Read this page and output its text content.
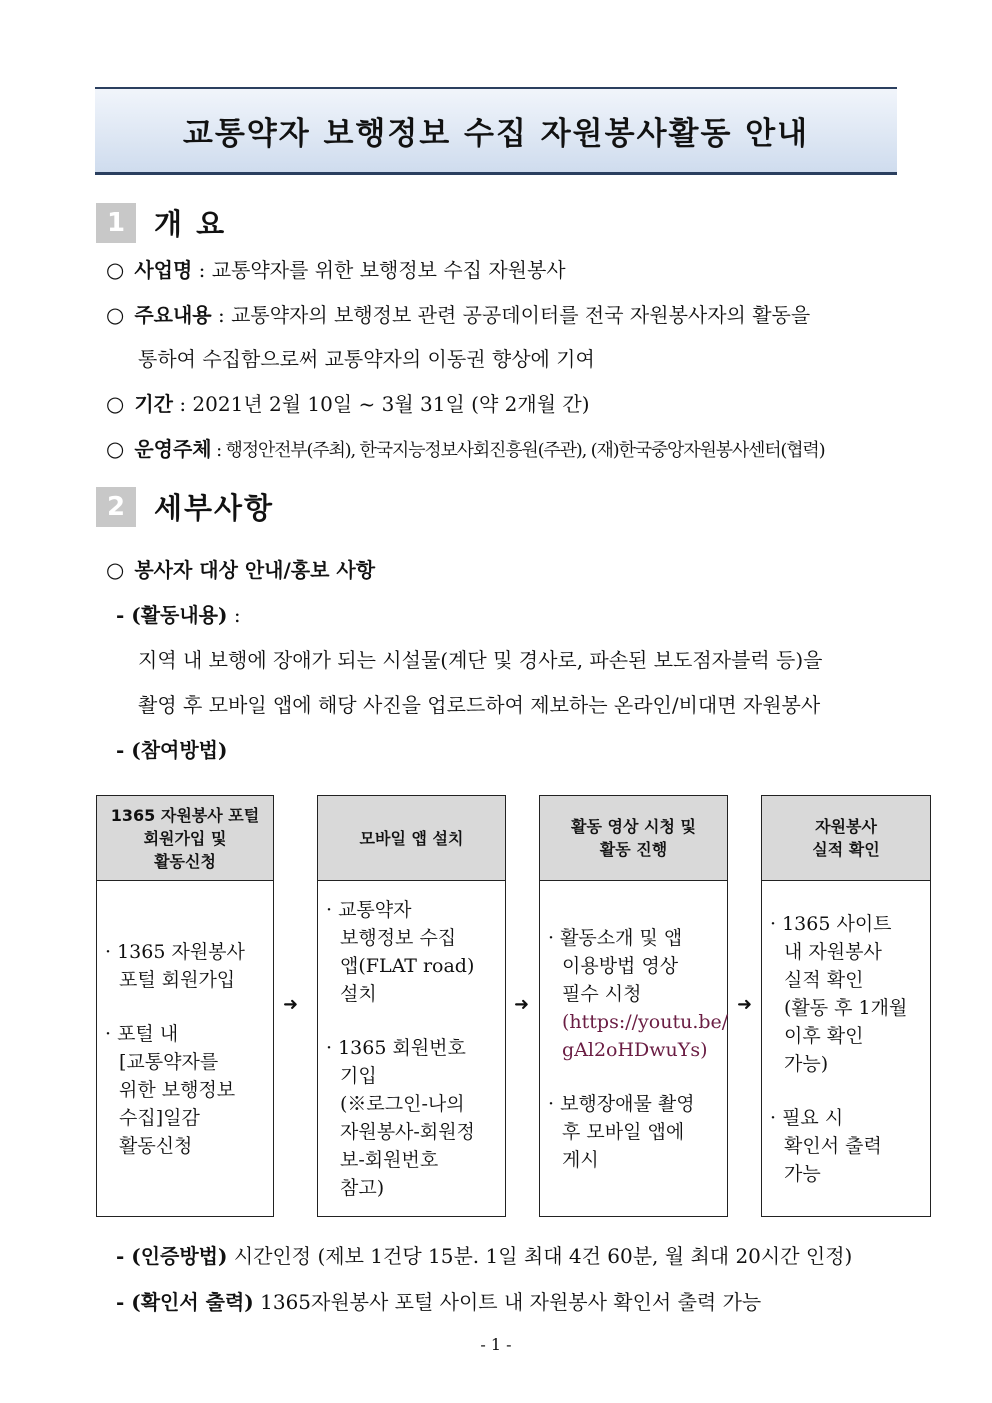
교통약자 보행정보 수집 자원봉사활동 안내
1 개 요
○ 사업명 : 교통약자를 위한 보행정보 수집 자원봉사
○ 주요내용 : 교통약자의 보행정보 관련 공공데이터를 전국 자원봉사자의 활동을
통하여 수집함으로써 교통약자의 이동권 향상에 기여
○ 기간 : 2021년 2월 10일 ~ 3월 31일 (약 2개월 간)
○ 운영주체 : 행정안전부(주최), 한국지능정보사회진흥원(주관), (재)한국중앙자원봉사센터(협력)
2 세부사항
○ 봉사자 대상 안내/홍보 사항
- (활동내용) :
지역 내 보행에 장애가 되는 시설물(계단 및 경사로, 파손된 보도점자블럭 등)을
촬영 후 모바일 앱에 해당 사진을 업로드하여 제보하는 온라인/비대면 자원봉사
- (참여방법)
1365 자원봉사 포털
회원가입 및
활동신청
· 1365 자원봉사
포털 회원가입
· 포털 내
[교통약자를
위한 보행정보
수집]일감
활동신청
➜
모바일 앱 설치
· 교통약자
보행정보 수집
앱(FLAT road)
설치
· 1365 회원번호
기입
(※로그인-나의
자원봉사-회원정
보-회원번호
참고)
➜
활동 영상 시청 및
활동 진행
· 활동소개 및 앱
이용방법 영상
필수 시청
(https://youtu.be/
gAl2oHDwuYs)
· 보행장애물 촬영
후 모바일 앱에
게시
➜
자원봉사
실적 확인
· 1365 사이트
내 자원봉사
실적 확인
(활동 후 1개월
이후 확인
가능)
· 필요 시
확인서 출력
가능
- (인증방법) 시간인정 (제보 1건당 15분. 1일 최대 4건 60분, 월 최대 20시간 인정)
- (확인서 출력) 1365자원봉사 포털 사이트 내 자원봉사 확인서 출력 가능
- 1 -
